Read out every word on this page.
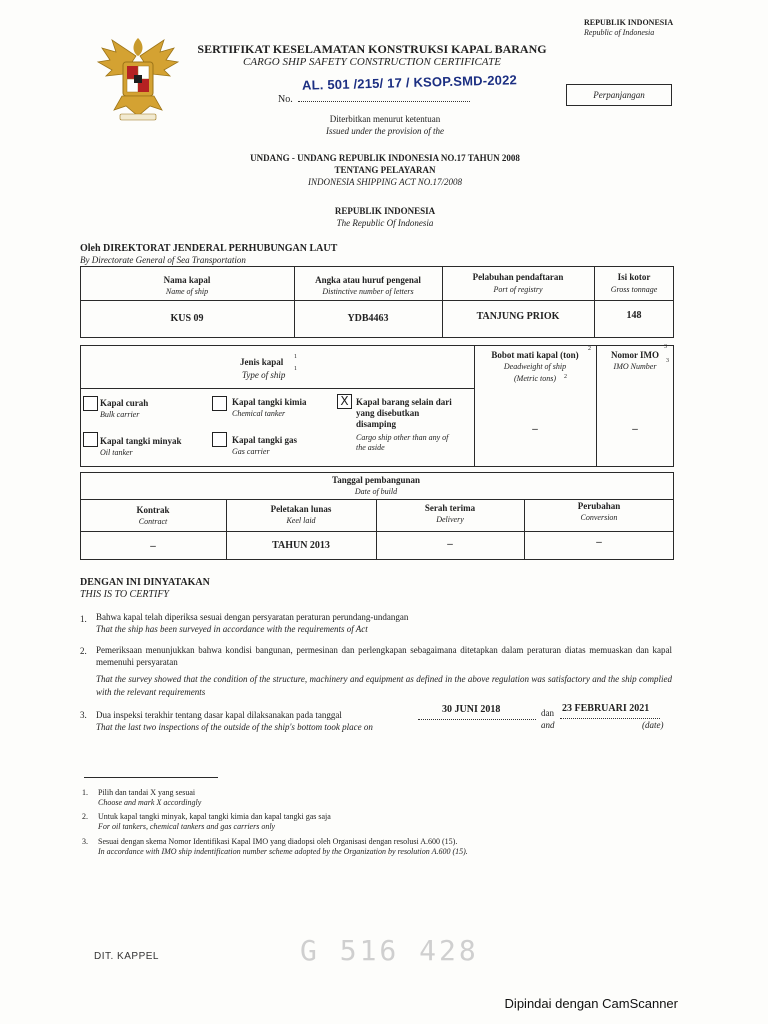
REPUBLIK INDONESIA
Republic of Indonesia
SERTIFIKAT KESELAMATAN KONSTRUKSI KAPAL BARANG
CARGO SHIP SAFETY CONSTRUCTION CERTIFICATE
AL. 501 /215/ 17 / KSOP.SMD-2022
No.	Perpanjangan
Diterbitkan menurut ketentuan
Issued under the provision of the
UNDANG - UNDANG REPUBLIK INDONESIA NO.17 TAHUN 2008
TENTANG PELAYARAN
INDONESIA SHIPPING ACT NO.17/2008
REPUBLIK INDONESIA
The Republic Of Indonesia
Oleh DIREKTORAT JENDERAL PERHUBUNGAN LAUT
By Directorate General of Sea Transportation
Nama kapal
Name of ship
Angka atau huruf pengenal
Distinctive number of letters
Pelabuhan pendaftaran
Port of registry
Isi kotor
Gross tonnage
KUS 09	YDB4463	TANJUNG PRIOK	148
Jenis kapal
Type of ship
1
1
Bobot mati kapal (ton)
Deadweight of ship
(Metric tons)
2
2
Nomor IMO
IMO Number
3
3
Kapal curah
Bulk carrier
Kapal tangki kimia
Chemical tanker
X Kapal barang selain dari yang disebutkan disamping
Cargo ship other than any of the aside
Kapal tangki minyak
Oil tanker
Kapal tangki gas
Gas carrier
–	–
Tanggal pembangunan
Date of build
Kontrak
Contract
Peletakan lunas
Keel laid
Serah terima
Delivery
Perubahan
Conversion
–	TAHUN 2013	–	–
DENGAN INI DINYATAKAN
THIS IS TO CERTIFY
1. Bahwa kapal telah diperiksa sesuai dengan persyaratan peraturan perundang-undangan
That the ship has been surveyed in accordance with the requirements of Act
2. Pemeriksaan menunjukkan bahwa kondisi bangunan, permesinan dan perlengkapan sebagaimana ditetapkan dalam peraturan diatas memuaskan dan kapal memenuhi persyaratan
That the survey showed that the condition of the structure, machinery and equipment as defined in the above regulation was satisfactory and the ship complied with the relevant requirements
3. Dua inspeksi terakhir tentang dasar kapal dilaksanakan pada tanggal
That the last two inspections of the outside of the ship's bottom took place on
30 JUNI 2018	dan
and
23 FEBRUARI 2021
(date)
1. Pilih dan tandai X yang sesuai
Choose and mark X accordingly
2. Untuk kapal tangki minyak, kapal tangki kimia dan kapal tangki gas saja
For oil tankers, chemical tankers and gas carriers only
3. Sesuai dengan skema Nomor Identifikasi Kapal IMO yang diadopsi oleh Organisasi dengan resolusi A.600 (15).
In accordance with IMO ship indentification number scheme adopted by the Organization by resolution A.600 (15).
DIT. KAPPEL	G 516 428
Dipindai dengan CamScanner
